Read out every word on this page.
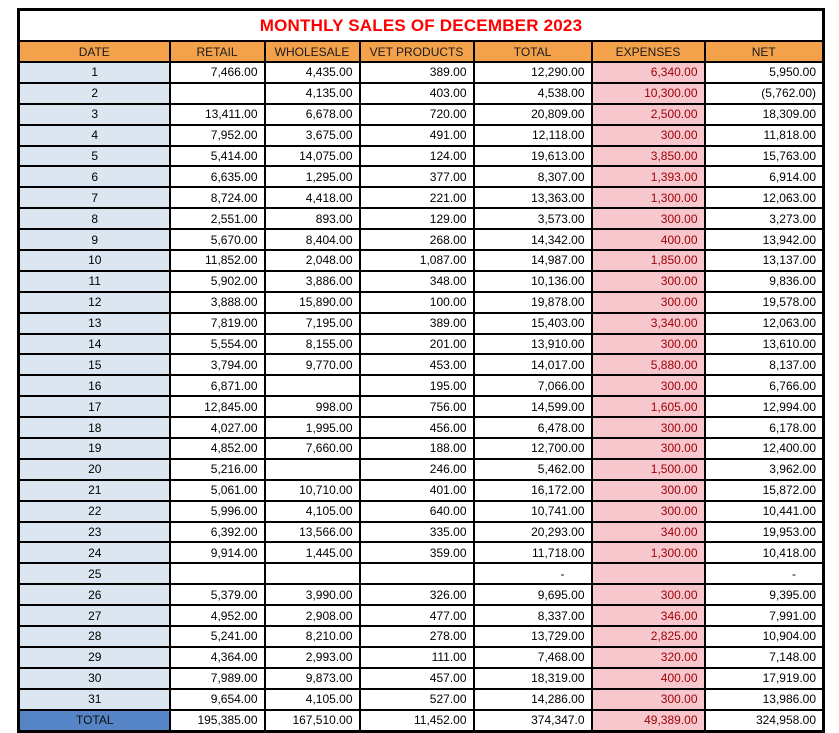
MONTHLY SALES OF DECEMBER 2023						
DATE	RETAIL	WHOLESALE	VET PRODUCTS	TOTAL	EXPENSES	NET
1	7,466.00	4,435.00	389.00	12,290.00	6,340.00	5,950.00
2		4,135.00	403.00	4,538.00	10,300.00	(5,762.00)
3	13,411.00	6,678.00	720.00	20,809.00	2,500.00	18,309.00
4	7,952.00	3,675.00	491.00	12,118.00	300.00	11,818.00
5	5,414.00	14,075.00	124.00	19,613.00	3,850.00	15,763.00
6	6,635.00	1,295.00	377.00	8,307.00	1,393.00	6,914.00
7	8,724.00	4,418.00	221.00	13,363.00	1,300.00	12,063.00
8	2,551.00	893.00	129.00	3,573.00	300.00	3,273.00
9	5,670.00	8,404.00	268.00	14,342.00	400.00	13,942.00
10	11,852.00	2,048.00	1,087.00	14,987.00	1,850.00	13,137.00
11	5,902.00	3,886.00	348.00	10,136.00	300.00	9,836.00
12	3,888.00	15,890.00	100.00	19,878.00	300.00	19,578.00
13	7,819.00	7,195.00	389.00	15,403.00	3,340.00	12,063.00
14	5,554.00	8,155.00	201.00	13,910.00	300.00	13,610.00
15	3,794.00	9,770.00	453.00	14,017.00	5,880.00	8,137.00
16	6,871.00		195.00	7,066.00	300.00	6,766.00
17	12,845.00	998.00	756.00	14,599.00	1,605.00	12,994.00
18	4,027.00	1,995.00	456.00	6,478.00	300.00	6,178.00
19	4,852.00	7,660.00	188.00	12,700.00	300.00	12,400.00
20	5,216.00		246.00	5,462.00	1,500.00	3,962.00
21	5,061.00	10,710.00	401.00	16,172.00	300.00	15,872.00
22	5,996.00	4,105.00	640.00	10,741.00	300.00	10,441.00
23	6,392.00	13,566.00	335.00	20,293.00	340.00	19,953.00
24	9,914.00	1,445.00	359.00	11,718.00	1,300.00	10,418.00
25				-		-
26	5,379.00	3,990.00	326.00	9,695.00	300.00	9,395.00
27	4,952.00	2,908.00	477.00	8,337.00	346.00	7,991.00
28	5,241.00	8,210.00	278.00	13,729.00	2,825.00	10,904.00
29	4,364.00	2,993.00	111.00	7,468.00	320.00	7,148.00
30	7,989.00	9,873.00	457.00	18,319.00	400.00	17,919.00
31	9,654.00	4,105.00	527.00	14,286.00	300.00	13,986.00
TOTAL	195,385.00	167,510.00	11,452.00	374,347.0	49,389.00	324,958.00
